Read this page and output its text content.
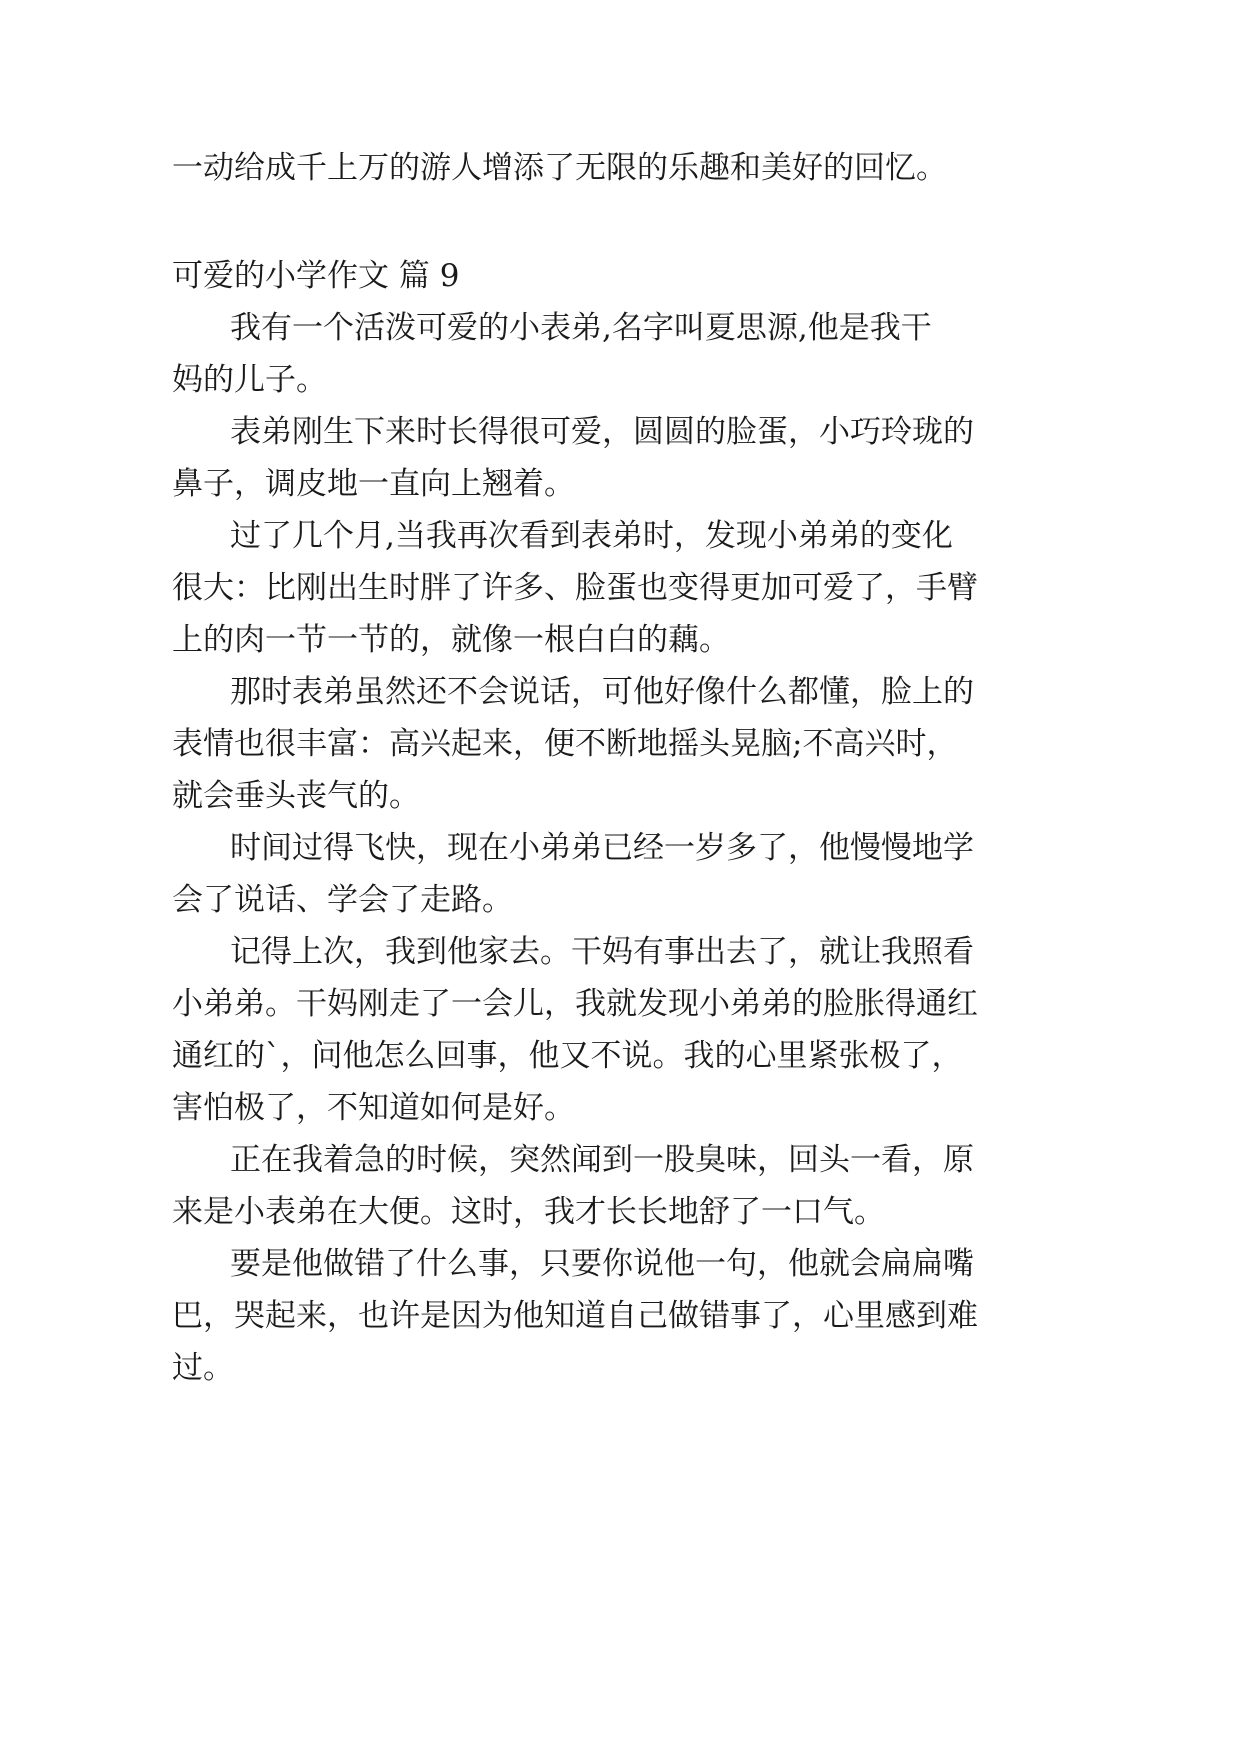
一动给成千上万的游人增添了无限的乐趣和美好的回忆。
可爱的小学作文 篇 9
我有一个活泼可爱的小表弟,名字叫夏思源,他是我干
妈的儿子。
表弟刚生下来时长得很可爱，圆圆的脸蛋，小巧玲珑的
鼻子，调皮地一直向上翘着。
过了几个月,当我再次看到表弟时，发现小弟弟的变化
很大：比刚出生时胖了许多、脸蛋也变得更加可爱了，手臂
上的肉一节一节的，就像一根白白的藕。
那时表弟虽然还不会说话，可他好像什么都懂，脸上的
表情也很丰富：高兴起来，便不断地摇头晃脑;不高兴时，
就会垂头丧气的。
时间过得飞快，现在小弟弟已经一岁多了，他慢慢地学
会了说话、学会了走路。
记得上次，我到他家去。干妈有事出去了，就让我照看
小弟弟。干妈刚走了一会儿，我就发现小弟弟的脸胀得通红
通红的`，问他怎么回事，他又不说。我的心里紧张极了，
害怕极了，不知道如何是好。
正在我着急的时候，突然闻到一股臭味，回头一看，原
来是小表弟在大便。这时，我才长长地舒了一口气。
要是他做错了什么事，只要你说他一句，他就会扁扁嘴
巴，哭起来，也许是因为他知道自己做错事了，心里感到难
过。
